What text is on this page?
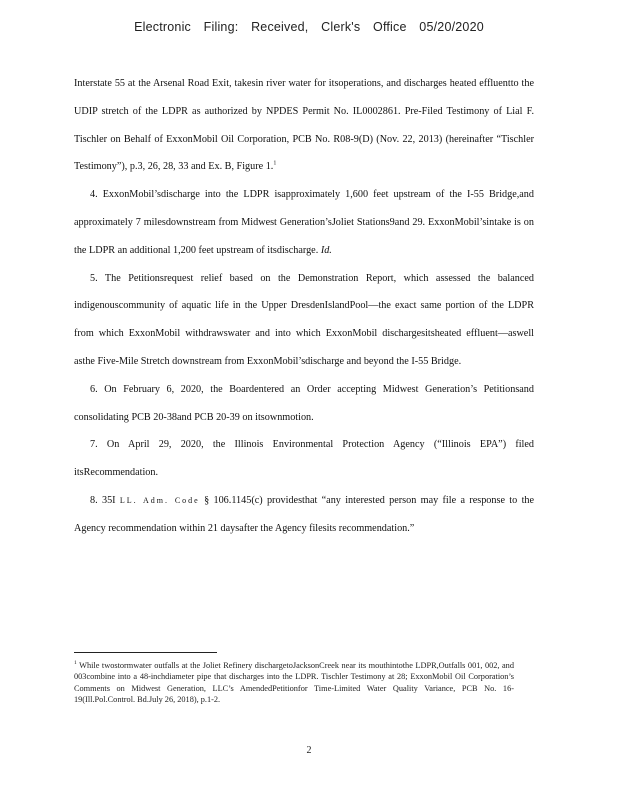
Electronic Filing: Received, Clerk's Office 05/20/2020

Interstate 55 at the Arsenal Road Exit, takesin river water for itsoperations, and discharges heated effluentto the UDIP stretch of the LDPR as authorized by NPDES Permit No. IL0002861. Pre-Filed Testimony of Lial F. Tischler on Behalf of ExxonMobil Oil Corporation, PCB No. R08-9(D) (Nov. 22, 2013) (hereinafter “Tischler Testimony”), p.3, 26, 28, 33 and Ex. B, Figure 1.$^1$

4. ExxonMobil’sdischarge into the LDPR isapproximately 1,600 feet upstream of the I-55 Bridge,and approximately 7 milesdownstream from Midwest Generation’sJoliet Stations9and 29. ExxonMobil’sintake is on the LDPR an additional 1,200 feet upstream of itsdischarge. Id.

5. The Petitionsrequest relief based on the Demonstration Report, which assessed the balanced indigenouscommunity of aquatic life in the Upper DresdenIslandPool—the exact same portion of the LDPR from which ExxonMobil withdrawswater and into which ExxonMobil dischargesitsheated effluent—aswell asthe Five-Mile Stretch downstream from ExxonMobil’sdischarge and beyond the I-55 Bridge.

6. On February 6, 2020, the Boardentered an Order accepting Midwest Generation’s Petitionsand consolidating PCB 20-38and PCB 20-39 on itsownmotion.

7. On April 29, 2020, the Illinois Environmental Protection Agency (“Illinois EPA”) filed itsRecommendation.

8. 35I LL. Adm. Code § 106.1145(c) providesthat “any interested person may file a response to the Agency recommendation within 21 daysafter the Agency filesits recommendation.”

$^1$ While twostormwater outfalls at the Joliet Refinery dischargetoJacksonCreek near its mouthintothe LDPR,Outfalls 001, 002, and 003combine into a 48-inchdiameter pipe that discharges into the LDPR. Tischler Testimony at 28; ExxonMobil Oil Corporation’s Comments on Midwest Generation, LLC’s AmendedPetitionfor Time-Limited Water Quality Variance, PCB No. 16-19(Ill.Pol.Control. Bd.July 26, 2018), p.1-2.
2
